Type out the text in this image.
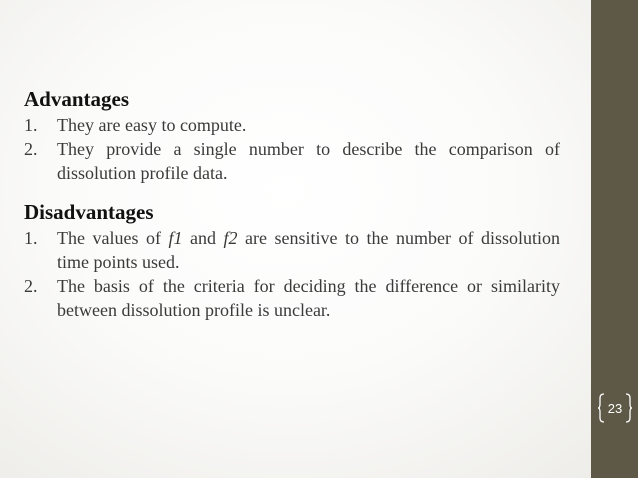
Advantages
1. They are easy to compute.
2. They provide a single number to describe the comparison of dissolution profile data.
Disadvantages
1. The values of f1 and f2 are sensitive to the number of dissolution time points used.
2. The basis of the criteria for deciding the difference or similarity between dissolution profile is unclear.
23
